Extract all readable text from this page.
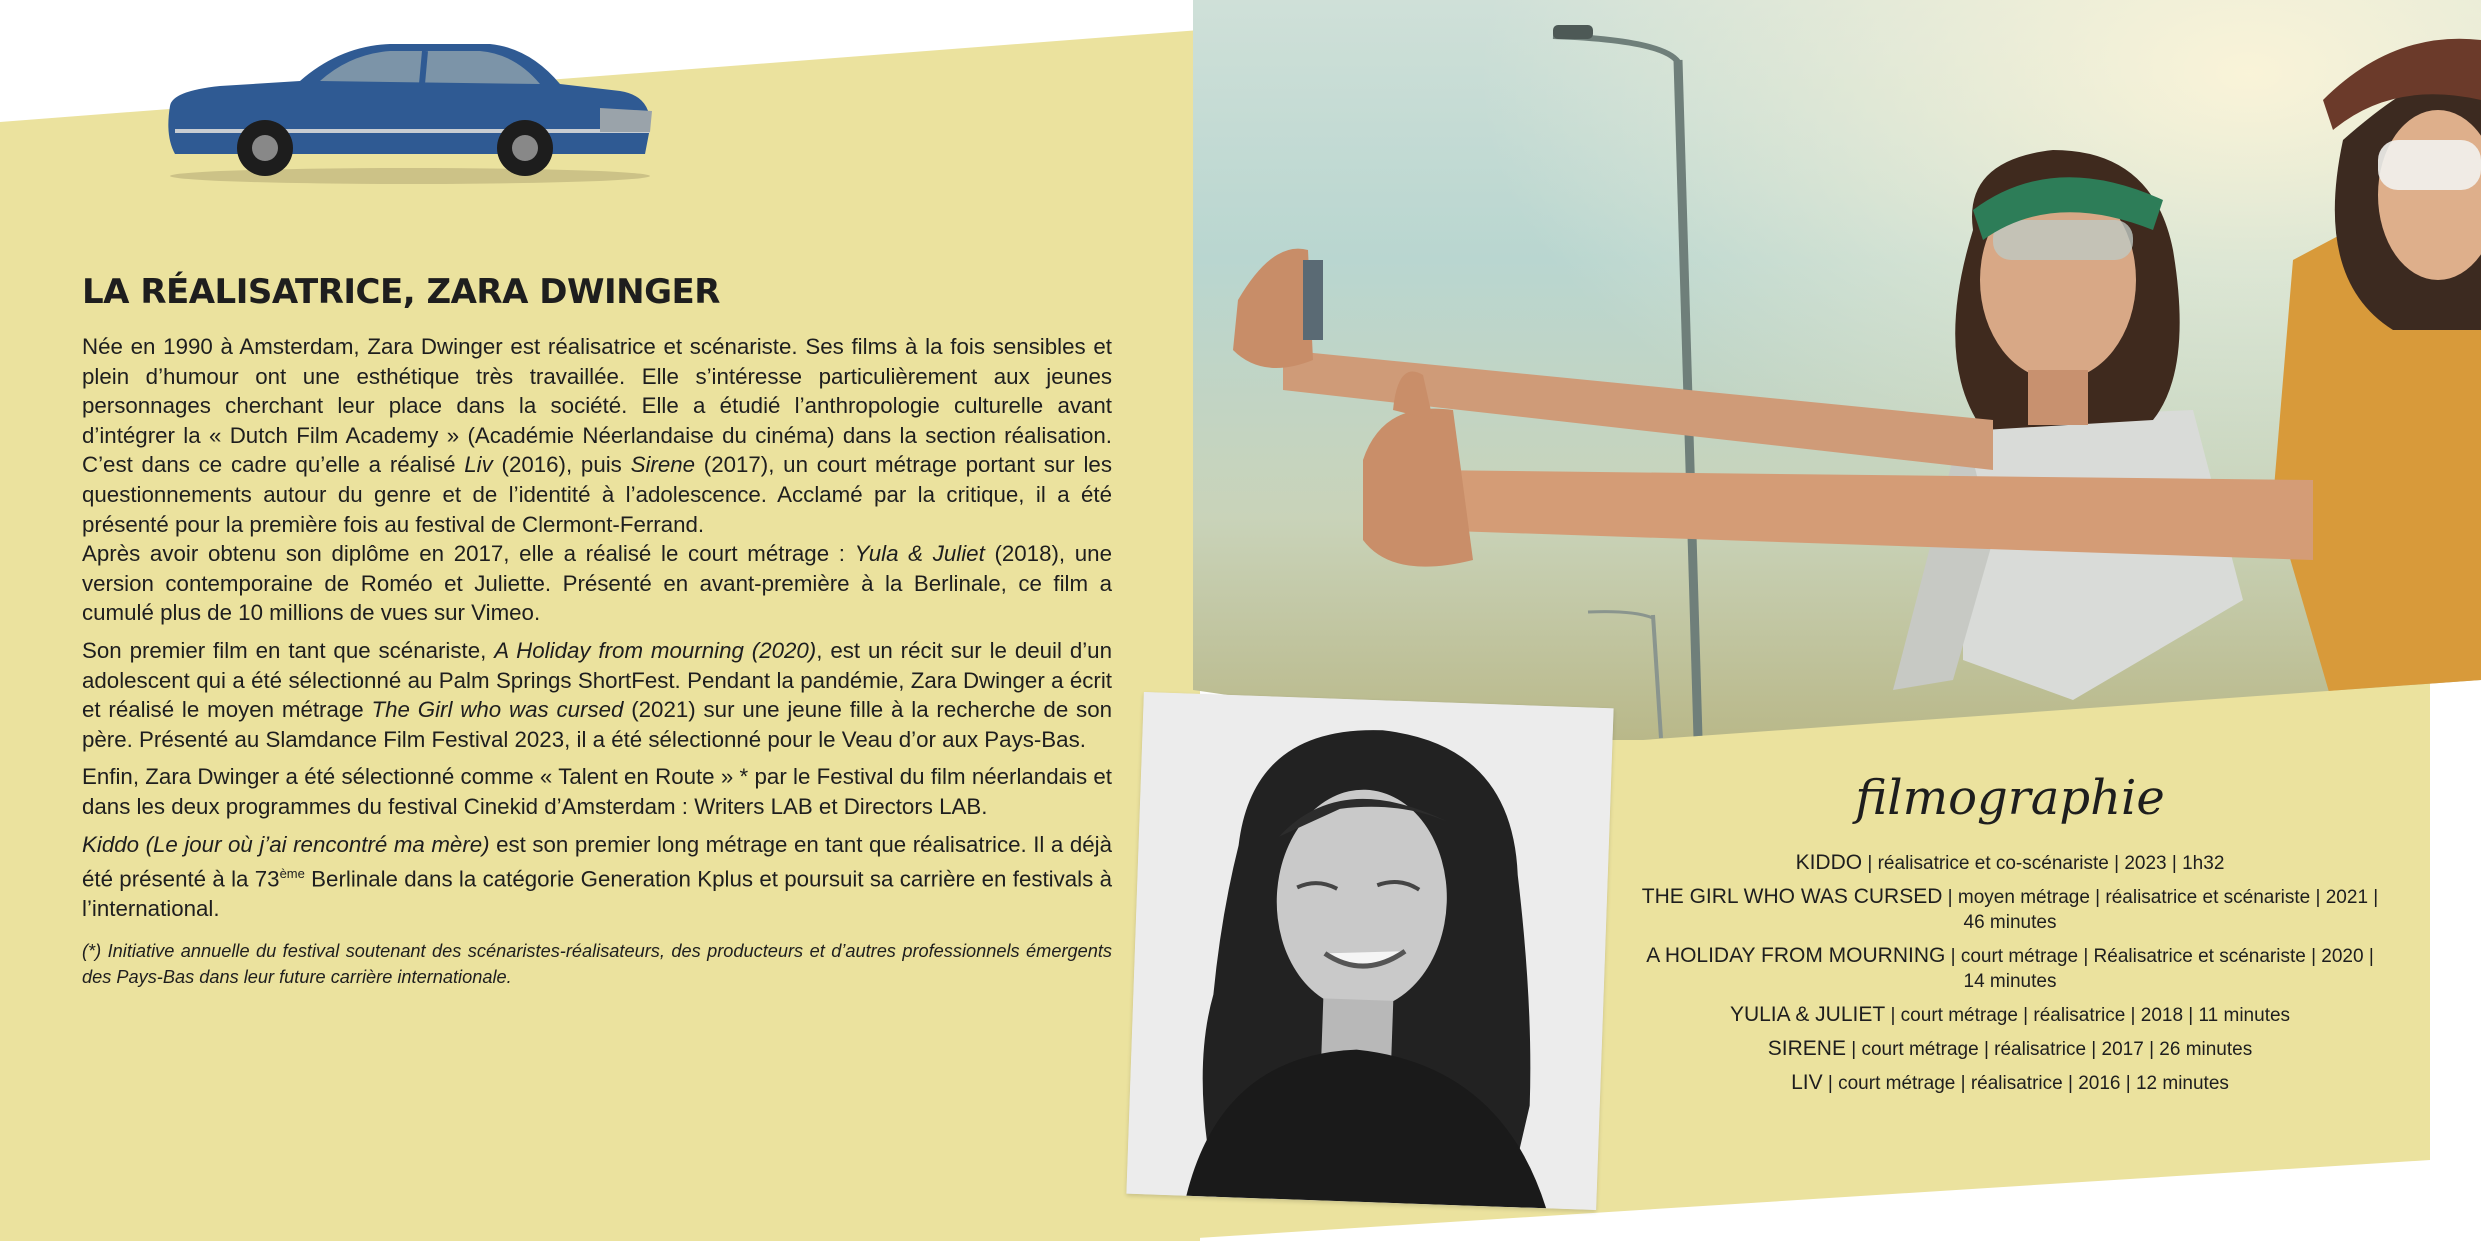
LA RÉALISATRICE, ZARA DWINGER

Née en 1990 à Amsterdam, Zara Dwinger est réalisatrice et scénariste. Ses films à la fois sensibles et plein d’humour ont une esthétique très travaillée. Elle s’intéresse particulièrement aux jeunes personnages cherchant leur place dans la société. Elle a étudié l’anthropologie culturelle avant d’intégrer la « Dutch Film Academy » (Académie Néerlandaise du cinéma) dans la section réalisation. C’est dans ce cadre qu’elle a réalisé Liv (2016), puis Sirene (2017), un court métrage portant sur les questionnements autour du genre et de l’identité à l’adolescence. Acclamé par la critique, il a été présenté pour la première fois au festival de Clermont-Ferrand.

Après avoir obtenu son diplôme en 2017, elle a réalisé le court métrage : Yula & Juliet (2018), une version contemporaine de Roméo et Juliette. Présenté en avant-première à la Berlinale, ce film a cumulé plus de 10 millions de vues sur Vimeo.

Son premier film en tant que scénariste, A Holiday from mourning (2020), est un récit sur le deuil d’un adolescent qui a été sélectionné au Palm Springs ShortFest. Pendant la pandémie, Zara Dwinger a écrit et réalisé le moyen métrage The Girl who was cursed (2021) sur une jeune fille à la recherche de son père. Présenté au Slamdance Film Festival 2023, il a été sélectionné pour le Veau d’or aux Pays-Bas.

Enfin, Zara Dwinger a été sélectionné comme « Talent en Route » * par le Festival du film néerlandais et dans les deux programmes du festival Cinekid d’Amsterdam : Writers LAB et Directors LAB.

Kiddo (Le jour où j’ai rencontré ma mère) est son premier long métrage en tant que réalisatrice. Il a déjà été présenté à la 73ème Berlinale dans la catégorie Generation Kplus et poursuit sa carrière en festivals à l’international.

(*) Initiative annuelle du festival soutenant des scénaristes-réalisateurs, des producteurs et d’autres professionnels émergents des Pays-Bas dans leur future carrière internationale.

filmographie
KIDDO | réalisatrice et co-scénariste | 2023 | 1h32
THE GIRL WHO WAS CURSED | moyen métrage | réalisatrice et scénariste | 2021 | 46 minutes
A HOLIDAY FROM MOURNING | court métrage | Réalisatrice et scénariste | 2020 | 14 minutes
YULIA & JULIET | court métrage | réalisatrice | 2018 | 11 minutes
SIRENE | court métrage | réalisatrice | 2017 | 26 minutes
LIV | court métrage | réalisatrice | 2016 | 12 minutes
